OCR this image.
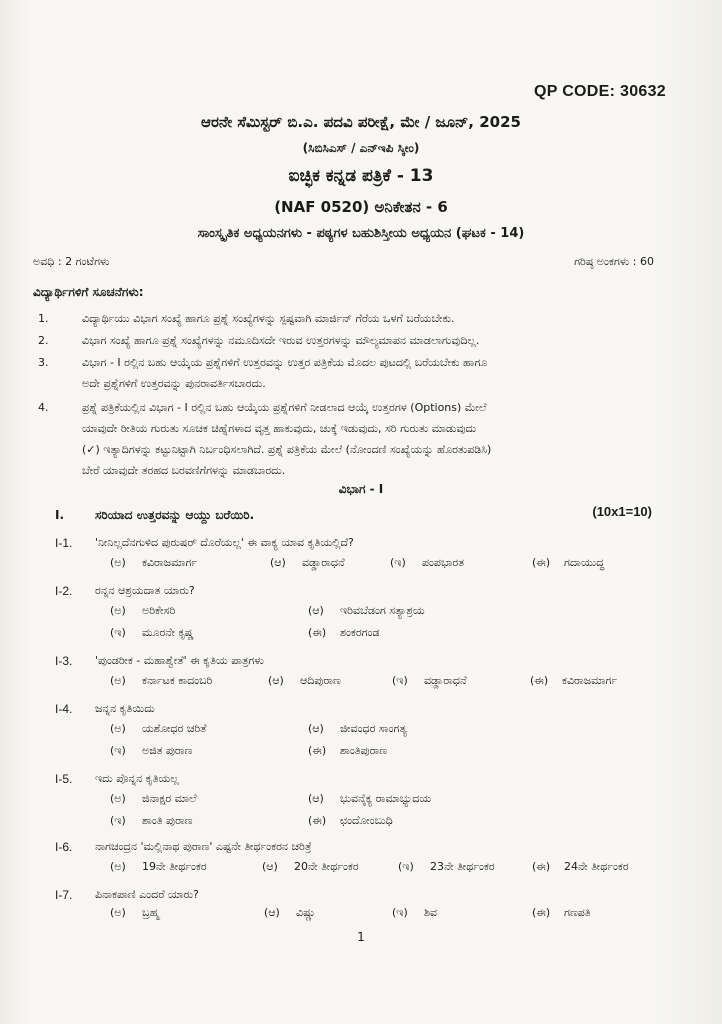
QP CODE: 30632
ಆರನೇ ಸೆಮಿಸ್ಟರ್ ಬಿ.ಎ. ಪದವಿ ಪರೀಕ್ಷೆ, ಮೇ / ಜೂನ್, 2025
(ಸಿಬಿಸಿಎಸ್ / ಎನ್‌ಇಪಿ ಸ್ಕೀಂ)
ಐಚ್ಛಿಕ ಕನ್ನಡ ಪತ್ರಿಕೆ - 13
(NAF 0520) ಅನಿಕೇತನ - 6
ಸಾಂಸ್ಕೃತಿಕ ಅಧ್ಯಯನಗಳು - ಪಠ್ಯಗಳ ಬಹುಶಿಸ್ತೀಯ ಅಧ್ಯಯನ (ಘಟಕ - 14)
ಅವಧಿ : 2 ಗಂಟೆಗಳು	ಗರಿಷ್ಠ ಅಂಕಗಳು : 60
ವಿದ್ಯಾರ್ಥಿಗಳಿಗೆ ಸೂಚನೆಗಳು:
1.	ವಿದ್ಯಾರ್ಥಿಯು ವಿಭಾಗ ಸಂಖ್ಯೆ ಹಾಗೂ ಪ್ರಶ್ನೆ ಸಂಖ್ಯೆಗಳನ್ನು ಸ್ಪಷ್ಟವಾಗಿ ಮಾರ್ಜಿನ್ ಗೆರೆಯ ಒಳಗೆ ಬರೆಯಬೇಕು.
2.	ವಿಭಾಗ ಸಂಖ್ಯೆ ಹಾಗೂ ಪ್ರಶ್ನೆ ಸಂಖ್ಯೆಗಳನ್ನು ನಮೂದಿಸದೇ ಇರುವ ಉತ್ತರಗಳನ್ನು ಮೌಲ್ಯಮಾಪನ ಮಾಡಲಾಗುವುದಿಲ್ಲ.
3.	ವಿಭಾಗ - I ರಲ್ಲಿನ ಬಹು ಆಯ್ಕೆಯ ಪ್ರಶ್ನೆಗಳಿಗೆ ಉತ್ತರವನ್ನು ಉತ್ತರ ಪತ್ರಿಕೆಯ ಮೊದಲ ಪುಟದಲ್ಲಿ ಬರೆಯಬೇಕು ಹಾಗೂ
ಅದೇ ಪ್ರಶ್ನೆಗಳಿಗೆ ಉತ್ತರವನ್ನು ಪುನರಾವರ್ತಿಸಬಾರದು.
4.	ಪ್ರಶ್ನೆ ಪತ್ರಿಕೆಯಲ್ಲಿನ ವಿಭಾಗ - I ರಲ್ಲಿನ ಬಹು ಆಯ್ಕೆಯ ಪ್ರಶ್ನೆಗಳಿಗೆ ನೀಡಲಾದ ಆಯ್ಕೆ ಉತ್ತರಗಳ (Options) ಮೇಲೆ
ಯಾವುದೇ ರೀತಿಯ ಗುರುತು ಸೂಚಕ ಚಿಹ್ನೆಗಳಾದ ವೃತ್ತ ಹಾಕುವುದು, ಚುಕ್ಕೆ ಇಡುವುದು, ಸರಿ ಗುರುತು ಮಾಡುವುದು
(✓) ಇತ್ಯಾದಿಗಳನ್ನು ಕಟ್ಟುನಿಟ್ಟಾಗಿ ನಿರ್ಬಂಧಿಸಲಾಗಿದೆ. ಪ್ರಶ್ನೆ ಪತ್ರಿಕೆಯ ಮೇಲೆ (ನೋಂದಣಿ ಸಂಖ್ಯೆಯನ್ನು ಹೊರತುಪಡಿಸಿ)
ಬೇರೆ ಯಾವುದೇ ತರಹದ ಬರವಣಿಗೆಗಳನ್ನು ಮಾಡಬಾರದು.
ವಿಭಾಗ - I
I.	ಸರಿಯಾದ ಉತ್ತರವನ್ನು ಆಯ್ದು ಬರೆಯಿರಿ.	(10x1=10)
I-1. 'ನೀನಿಲ್ಲದೆನಗುಳಿದ ಪುರುಷರ್ ದೊರೆಯಲ್ಲ' ಈ ವಾಕ್ಯ ಯಾವ ಕೃತಿಯಲ್ಲಿದೆ?
(ಅ) ಕವಿರಾಜಮಾರ್ಗ	(ಆ) ವಡ್ಡಾರಾಧನೆ	(ಇ) ಪಂಪಭಾರತ	(ಈ) ಗದಾಯುದ್ಧ
I-2. ರನ್ನನ ಆಶ್ರಯದಾತ ಯಾರು?
(ಅ) ಅರಿಕೇಸರಿ	(ಆ) ಇರಿವಬೆಡಂಗ ಸತ್ಯಾಶ್ರಯ
(ಇ) ಮೂರನೇ ಕೃಷ್ಣ	(ಈ) ಶಂಕರಗಂಡ
I-3. 'ಪುಂಡರೀಕ - ಮಹಾಶ್ವೇತೆ' ಈ ಕೃತಿಯ ಪಾತ್ರಗಳು
(ಅ) ಕರ್ನಾಟಕ ಕಾದಂಬರಿ	(ಆ) ಆದಿಪುರಾಣ	(ಇ) ವಡ್ಡಾರಾಧನೆ	(ಈ) ಕವಿರಾಜಮಾರ್ಗ
I-4. ಜನ್ನನ ಕೃತಿಯಿದು
(ಅ) ಯಶೋಧರ ಚರಿತೆ	(ಆ) ಜೀವಂಧರ ಸಾಂಗತ್ಯ
(ಇ) ಅಜಿತ ಪುರಾಣ	(ಈ) ಶಾಂತಿಪುರಾಣ
I-5. ಇದು ಪೊನ್ನನ ಕೃತಿಯಲ್ಲ
(ಅ) ಜಿನಾಕ್ಷರ ಮಾಲೆ	(ಆ) ಭುವನೈಕ್ಯ ರಾಮಾಭ್ಯುದಯ
(ಇ) ಶಾಂತಿ ಪುರಾಣ	(ಈ) ಛಂದೋಂಬುಧಿ
I-6. ನಾಗಚಂದ್ರನ 'ಮಲ್ಲಿನಾಥ ಪುರಾಣ' ಎಷ್ಟನೇ ತೀರ್ಥಂಕರನ ಚರಿತ್ರೆ
(ಅ) 19ನೇ ತೀರ್ಥಂಕರ	(ಆ) 20ನೇ ತೀರ್ಥಂಕರ	(ಇ) 23ನೇ ತೀರ್ಥಂಕರ	(ಈ) 24ನೇ ತೀರ್ಥಂಕರ
I-7. ಪಿನಾಕಪಾಣಿ ಎಂದರೆ ಯಾರು?
(ಅ) ಬ್ರಹ್ಮ	(ಆ) ವಿಷ್ಣು	(ಇ) ಶಿವ	(ಈ) ಗಣಪತಿ
1
